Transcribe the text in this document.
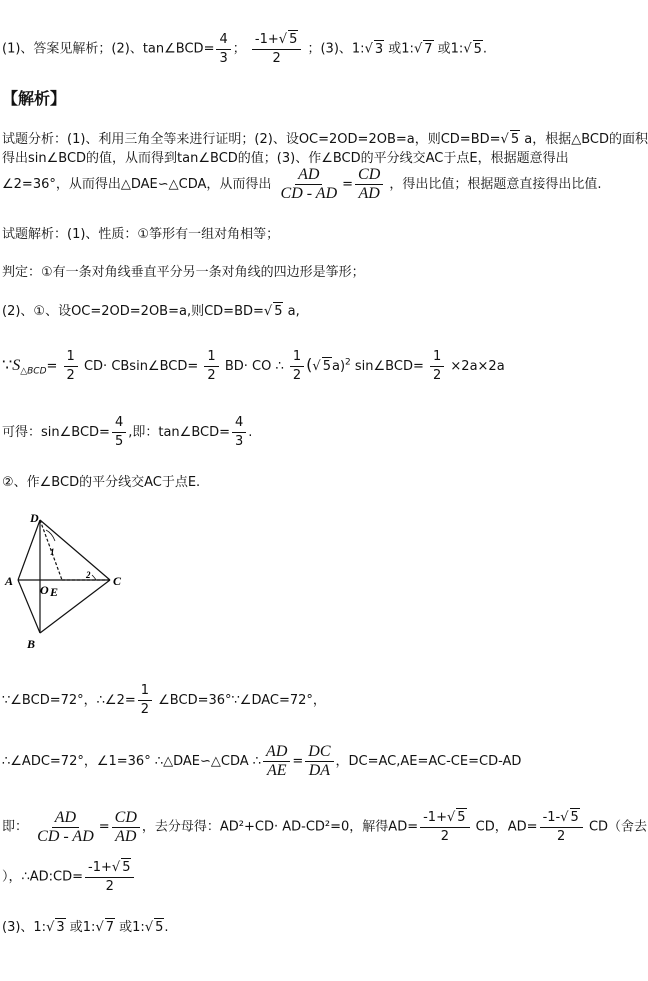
(1)、答案见解析；(2)、tan∠BCD= $\frac{4}{3}$ ； $\frac{-1+√ 5}{2}$ ；(3)、1:√ 3 或1:√ 7 或1:√ 5.
【解析】
试题分析：(1)、利用三角全等来进行证明；(2)、设OC=2OD=2OB=a，则CD=BD=√ 5 a，根据△BCD的面积
得出sin∠BCD的值，从而得到tan∠BCD的值；(3)、作∠BCD的平分线交AC于点E，根据题意得出
∠2=36°，从而得出△DAE∽△CDA，从而得出 $\frac{AD}{CD - AD} = \frac{CD}{AD}$ ，得出比值；根据题意直接得出比值.
试题解析：(1)、性质：①筝形有一组对角相等；
判定：①有一条对角线垂直平分另一条对角线的四边形是筝形；
(2)、①、设OC=2OD=2OB=a,则CD=BD=√ 5 a,
$\because S_{\triangle BCD}= \frac{1}{2} CD\cdot$ CBsin∠BCD= $\frac{1}{2} BD\cdot$ CO ∴ $\frac{1}{2}$ (√ 5a)$^2$ sin∠BCD= $\frac{1}{2} \times 2a\times 2a$
可得：sin∠BCD= $\frac{4}{5}$ ,即：tan∠BCD= $\frac{4}{3}$ .
②、作∠BCD的平分线交AC于点E.
D
A
O E
C
B
1
2
∵∠BCD=72°，∴∠2= $\frac{1}{2}$ ∠BCD=36°∵∠DAC=72°，
∴∠ADC=72°，∠1=36° ∴△DAE∽△CDA ∴ $\frac{AD}{AE} = \frac{DC}{DA}$ ，DC=AC,AE=AC-CE=CD-AD
即： $\frac{AD}{CD - AD} = \frac{CD}{AD}$ ，去分母得：AD²+CD· AD-CD²=0，解得$AD= \frac{-1+√ 5}{2}$ CD，$AD= \frac{-1-√ 5}{2} CD$（舍去
），∴AD:CD= $\frac{-1+√ 5}{2}$
(3)、1:√ 3 或1:√ 7 或1:√ 5.
